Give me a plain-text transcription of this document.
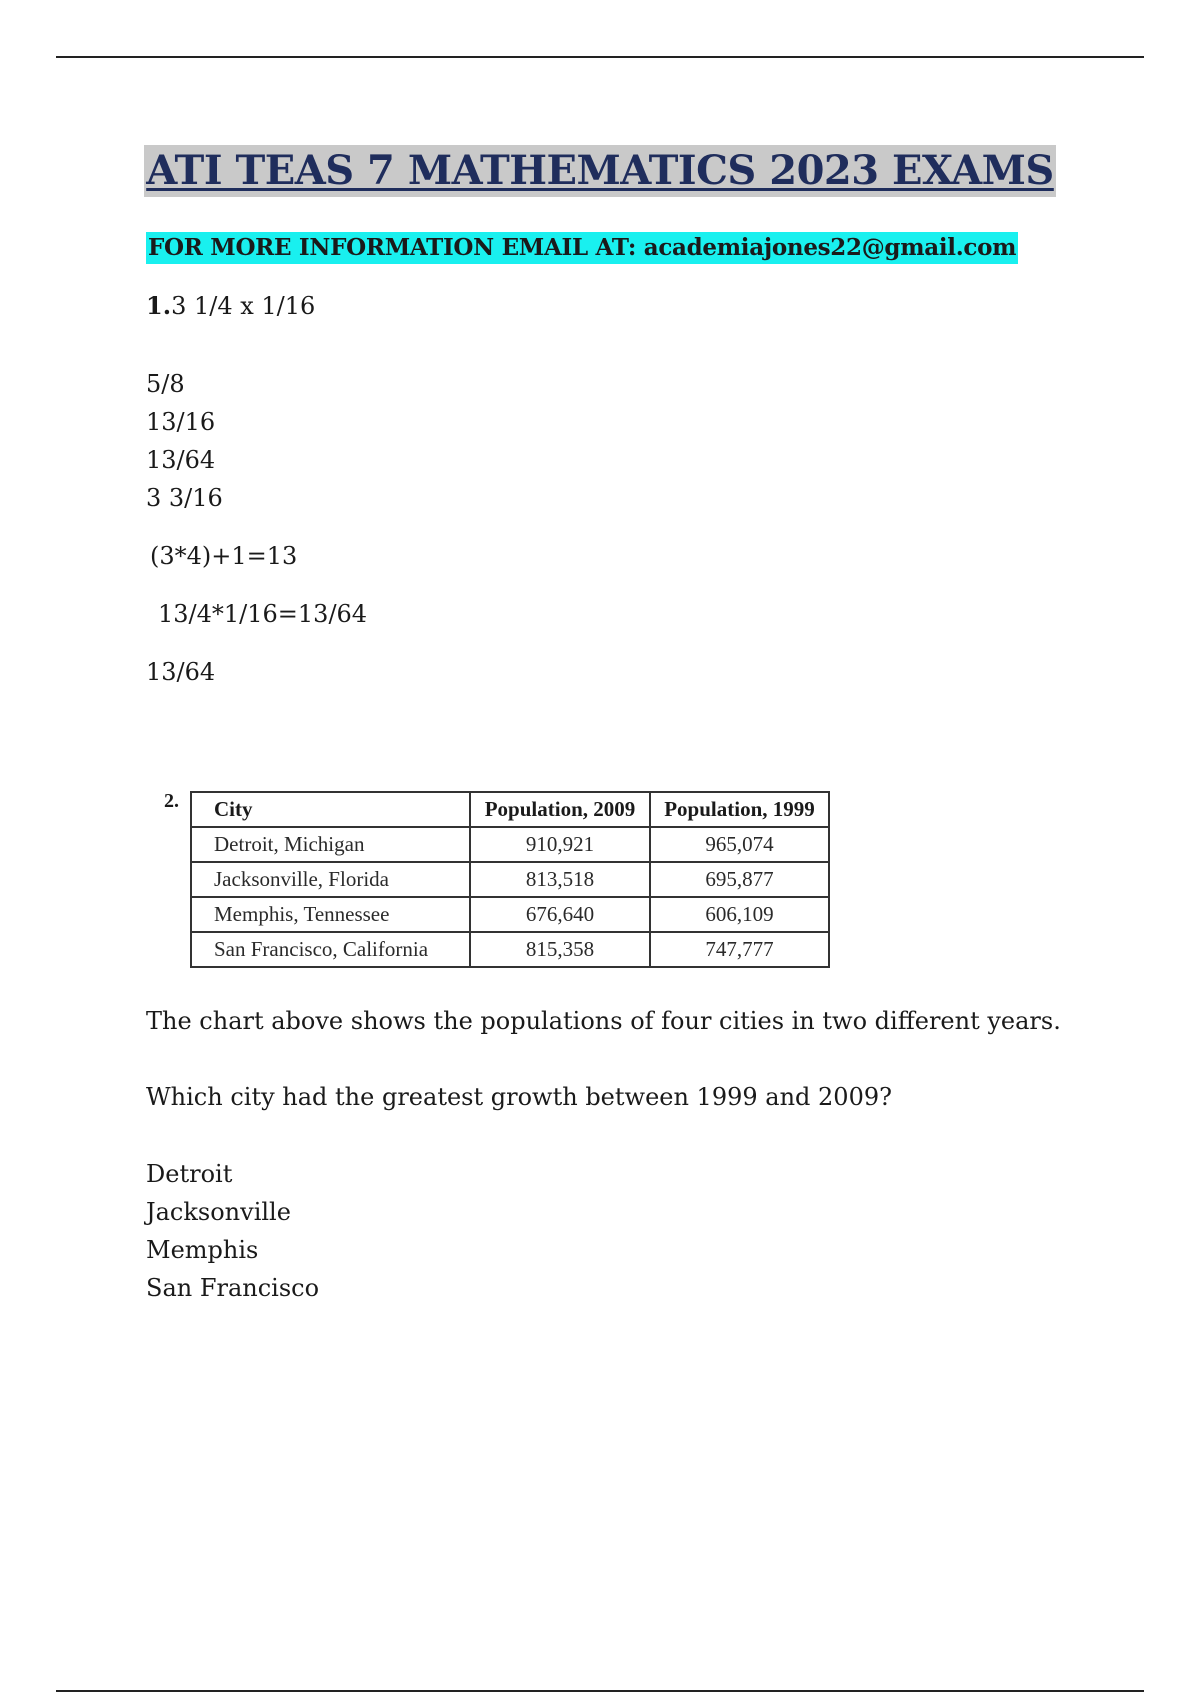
ATI TEAS 7 MATHEMATICS 2023 EXAMS
FOR MORE INFORMATION EMAIL AT: academiajones22@gmail.com
1.3 1/4 x 1/16
5/8
13/16
13/64
3 3/16
(3*4)+1=13
13/4*1/16=13/64
13/64
2. City	Population, 2009	Population, 1999
Detroit, Michigan	910,921	965,074
Jacksonville, Florida	813,518	695,877
Memphis, Tennessee	676,640	606,109
San Francisco, California	815,358	747,777
The chart above shows the populations of four cities in two different years.
Which city had the greatest growth between 1999 and 2009?
Detroit
Jacksonville
Memphis
San Francisco
